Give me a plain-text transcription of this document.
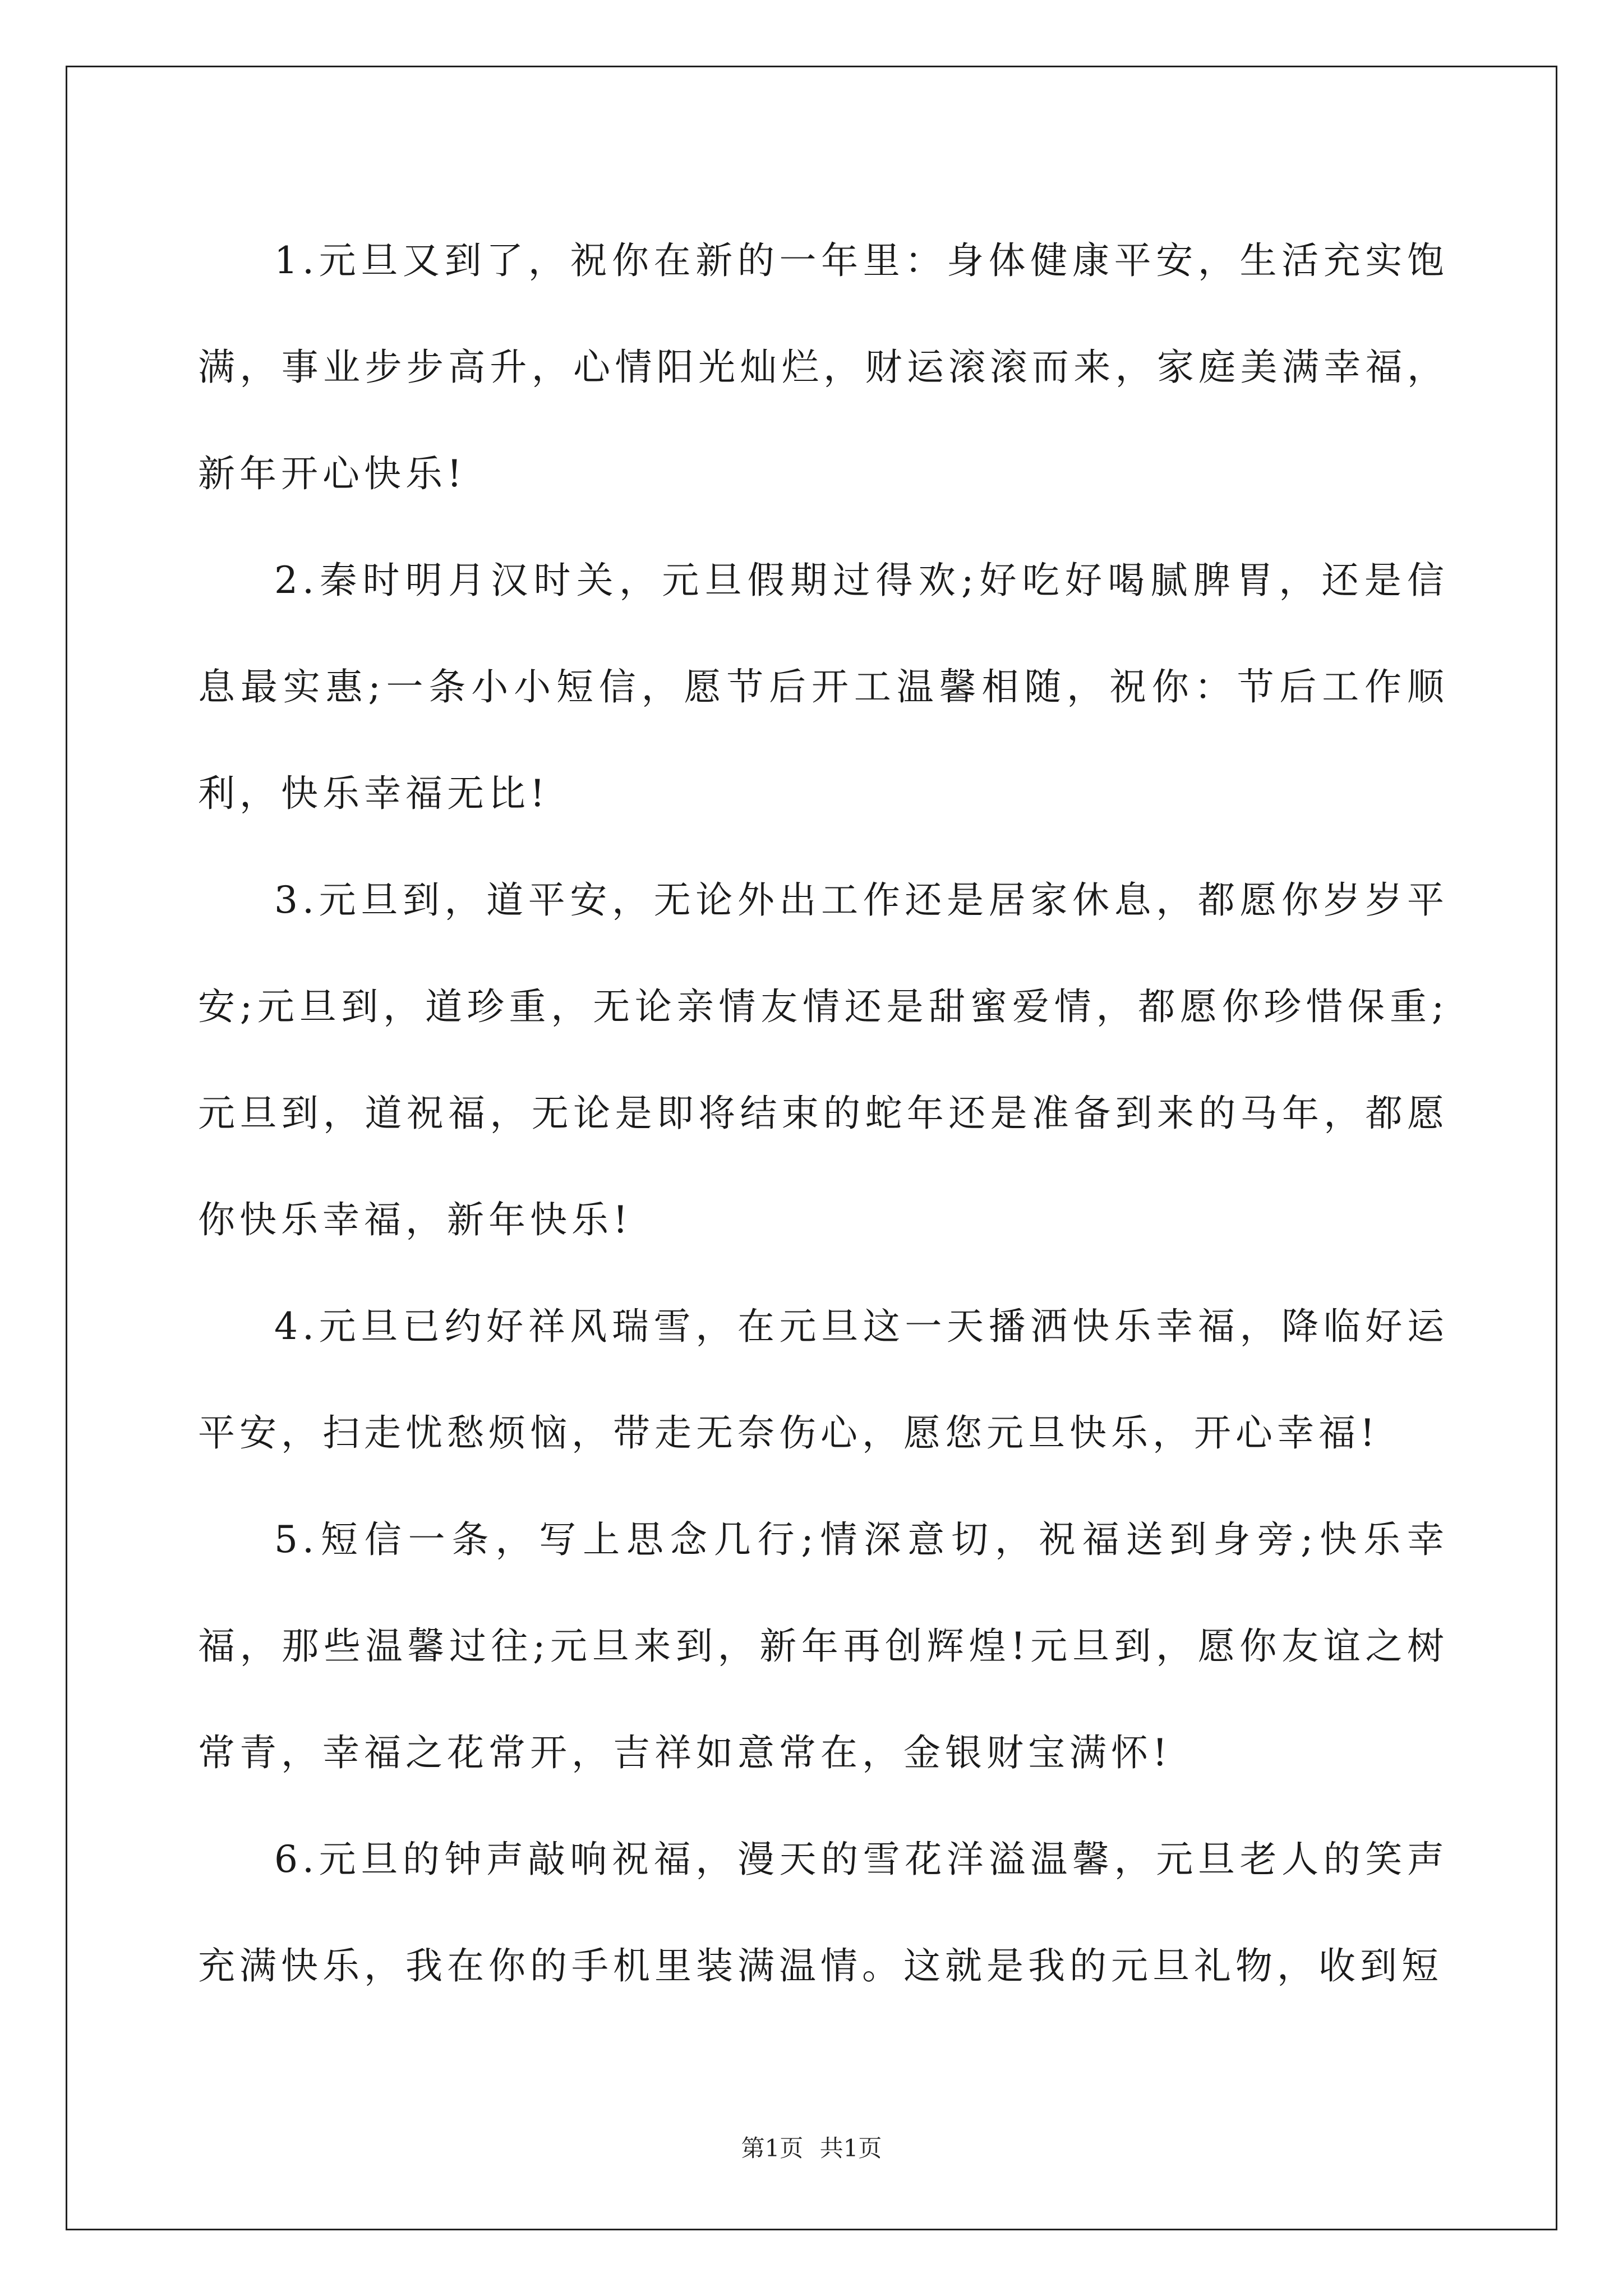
1.元旦又到了，祝你在新的一年里：身体健康平安，生活充实饱满，事业步步高升，心情阳光灿烂，财运滚滚而来，家庭美满幸福，新年开心快乐!

2.秦时明月汉时关，元旦假期过得欢;好吃好喝腻脾胃，还是信息最实惠;一条小小短信，愿节后开工温馨相随，祝你：节后工作顺利，快乐幸福无比!

3.元旦到，道平安，无论外出工作还是居家休息，都愿你岁岁平安;元旦到，道珍重，无论亲情友情还是甜蜜爱情，都愿你珍惜保重;元旦到，道祝福，无论是即将结束的蛇年还是准备到来的马年，都愿你快乐幸福，新年快乐!

4.元旦已约好祥风瑞雪，在元旦这一天播洒快乐幸福，降临好运平安，扫走忧愁烦恼，带走无奈伤心，愿您元旦快乐，开心幸福!

5.短信一条，写上思念几行;情深意切，祝福送到身旁;快乐幸福，那些温馨过往;元旦来到，新年再创辉煌!元旦到，愿你友谊之树常青，幸福之花常开，吉祥如意常在，金银财宝满怀!

6.元旦的钟声敲响祝福，漫天的雪花洋溢温馨，元旦老人的笑声充满快乐，我在你的手机里装满温情。这就是我的元旦礼物，收到短

第1页 共1页
